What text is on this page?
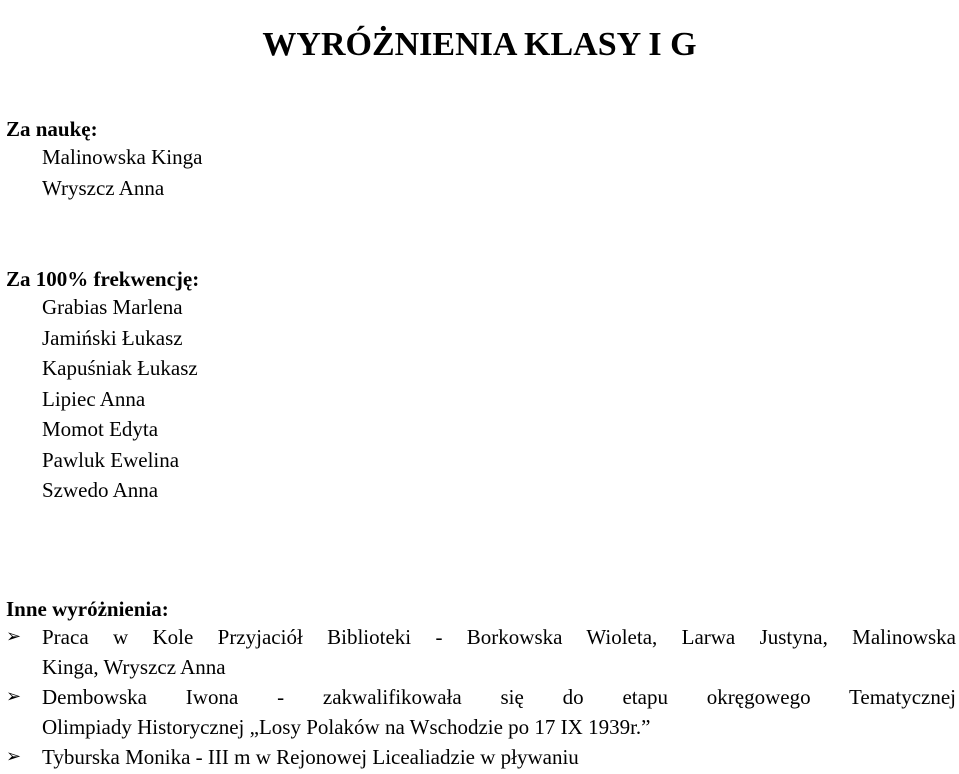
WYRÓŻNIENIA KLASY I G
Za naukę:
Malinowska Kinga
Wryszcz Anna
Za 100% frekwencję:
Grabias Marlena
Jamiński Łukasz
Kapuśniak Łukasz
Lipiec Anna
Momot Edyta
Pawluk Ewelina
Szwedo Anna
Inne wyróżnienia:
➢ Praca w Kole Przyjaciół Biblioteki - Borkowska Wioleta, Larwa Justyna, Malinowska
Kinga, Wryszcz Anna
➢ Dembowska Iwona - zakwalifikowała się do etapu okręgowego Tematycznej
Olimpiady Historycznej „Losy Polaków na Wschodzie po 17 IX 1939r.”
➢ Tyburska Monika - III m w Rejonowej Licealiadzie w pływaniu
